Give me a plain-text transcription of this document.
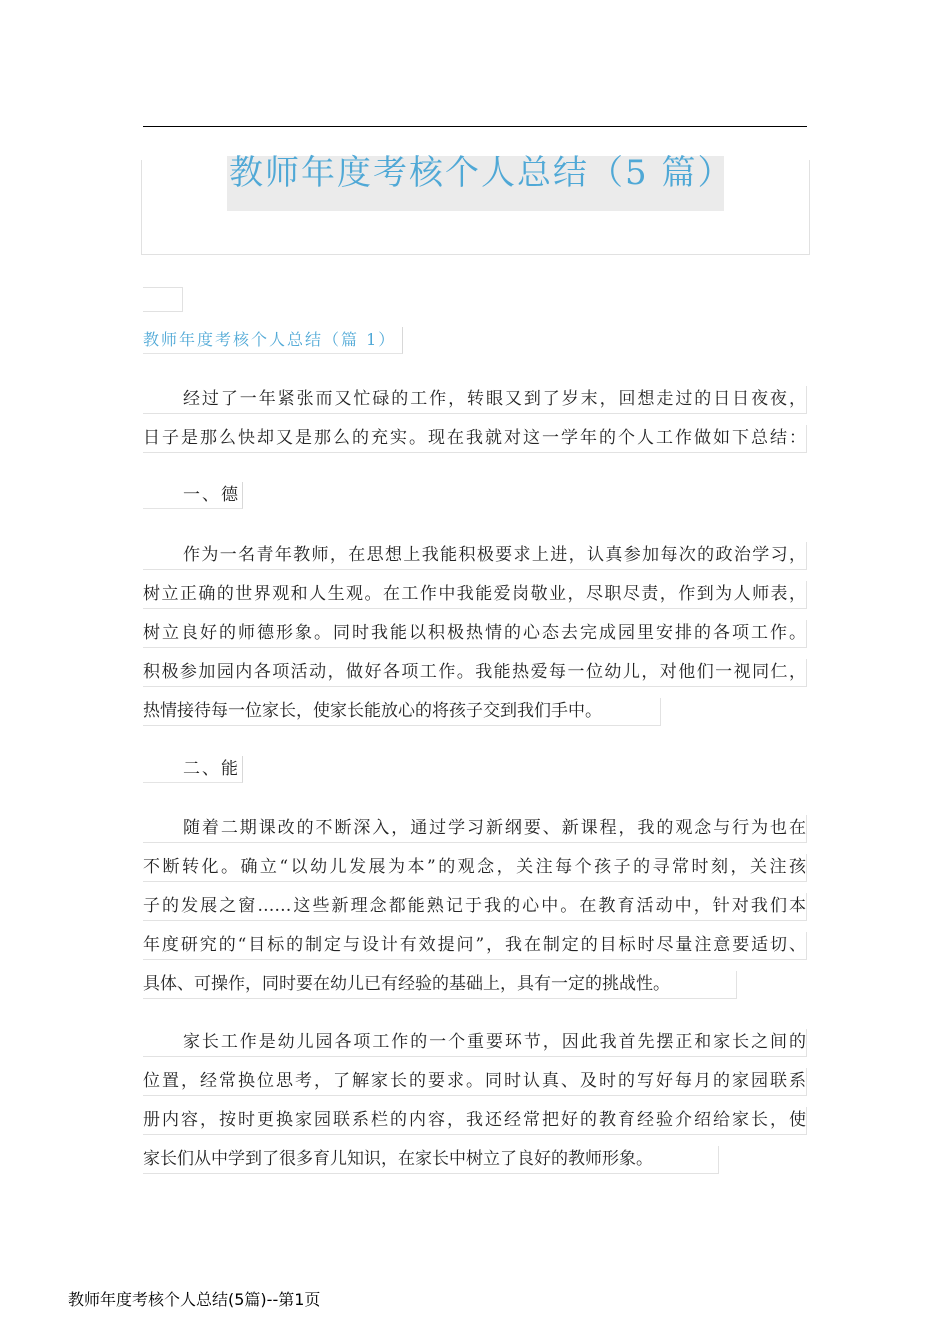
教师年度考核个人总结（5 篇）
教师年度考核个人总结（篇 1）
经过了一年紧张而又忙碌的工作，转眼又到了岁末，回想走过的日日夜夜，
日子是那么快却又是那么的充实。现在我就对这一学年的个人工作做如下总结：
一、德
作为一名青年教师，在思想上我能积极要求上进，认真参加每次的政治学习，
树立正确的世界观和人生观。在工作中我能爱岗敬业，尽职尽责，作到为人师表，
树立良好的师德形象。同时我能以积极热情的心态去完成园里安排的各项工作。
积极参加园内各项活动，做好各项工作。我能热爱每一位幼儿，对他们一视同仁，
热情接待每一位家长，使家长能放心的将孩子交到我们手中。
二、能
随着二期课改的不断深入，通过学习新纲要、新课程，我的观念与行为也在
不断转化。确立“以幼儿发展为本”的观念，关注每个孩子的寻常时刻，关注孩
子的发展之窗……这些新理念都能熟记于我的心中。在教育活动中，针对我们本
年度研究的“目标的制定与设计有效提问”，我在制定的目标时尽量注意要适切、
具体、可操作，同时要在幼儿已有经验的基础上，具有一定的挑战性。
家长工作是幼儿园各项工作的一个重要环节，因此我首先摆正和家长之间的
位置，经常换位思考，了解家长的要求。同时认真、及时的写好每月的家园联系
册内容，按时更换家园联系栏的内容，我还经常把好的教育经验介绍给家长，使
家长们从中学到了很多育儿知识，在家长中树立了良好的教师形象。
教师年度考核个人总结(5篇)--第1页
